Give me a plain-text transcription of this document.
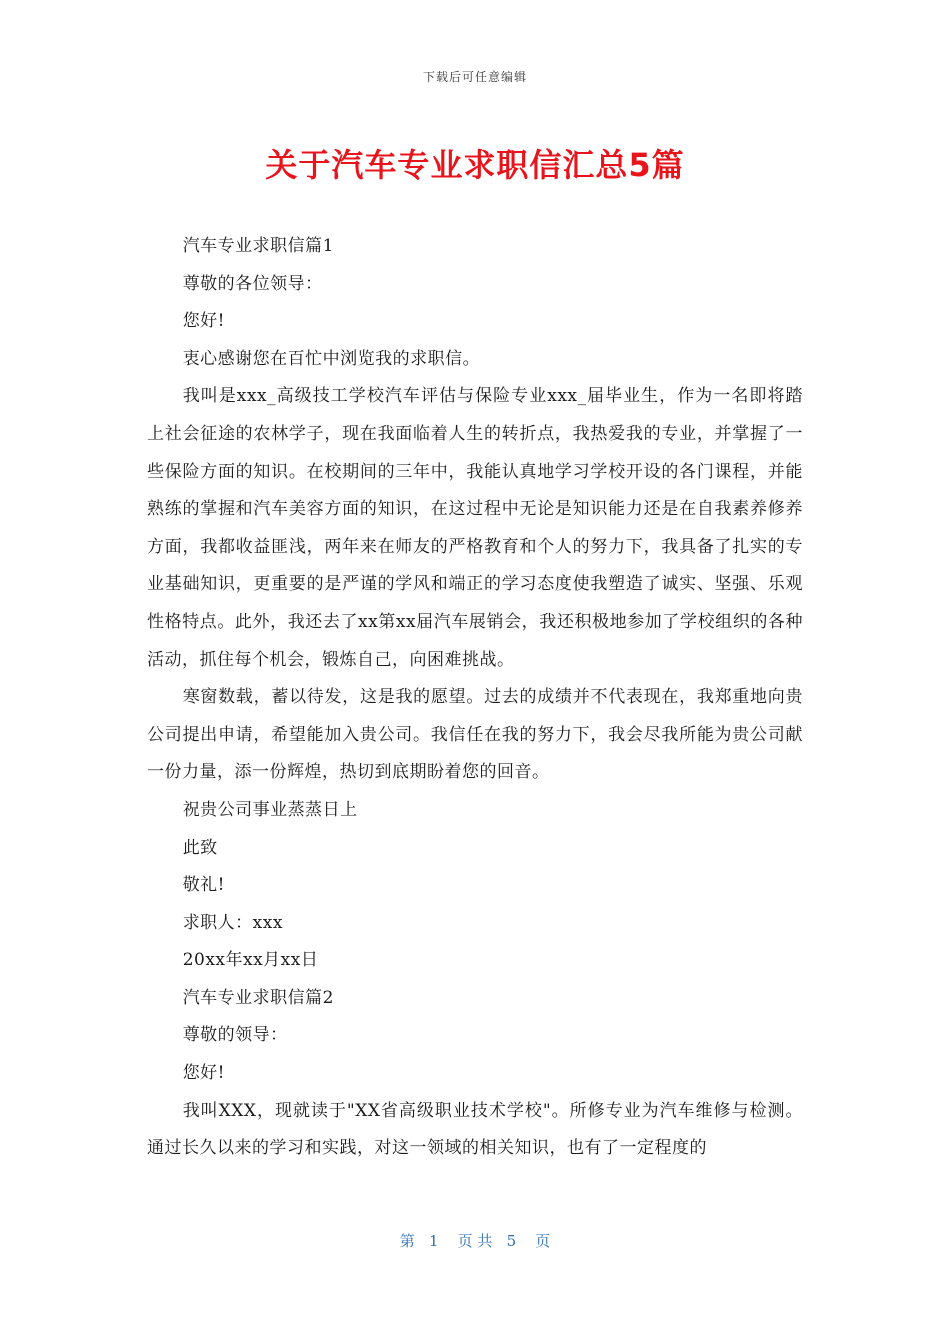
下载后可任意编辑
关于汽车专业求职信汇总5篇

汽车专业求职信篇1

尊敬的各位领导：

您好!

衷心感谢您在百忙中浏览我的求职信。

我叫是xxx_高级技工学校汽车评估与保险专业xxx_届毕业生，作为一名即将踏上社会征途的农林学子，现在我面临着人生的转折点，我热爱我的专业，并掌握了一些保险方面的知识。在校期间的三年中，我能认真地学习学校开设的各门课程，并能熟练的掌握和汽车美容方面的知识，在这过程中无论是知识能力还是在自我素养修养方面，我都收益匪浅，两年来在师友的严格教育和个人的努力下，我具备了扎实的专业基础知识，更重要的是严谨的学风和端正的学习态度使我塑造了诚实、坚强、乐观性格特点。此外，我还去了xx第xx届汽车展销会，我还积极地参加了学校组织的各种活动，抓住每个机会，锻炼自己，向困难挑战。

寒窗数载，蓄以待发，这是我的愿望。过去的成绩并不代表现在，我郑重地向贵公司提出申请，希望能加入贵公司。我信任在我的努力下，我会尽我所能为贵公司献一份力量，添一份辉煌，热切到底期盼着您的回音。

祝贵公司事业蒸蒸日上

此致

敬礼!

求职人：xxx

20xx年xx月xx日

汽车专业求职信篇2

尊敬的领导：

您好!

我叫XXX，现就读于"XX省高级职业技术学校"。所修专业为汽车维修与检测。通过长久以来的学习和实践，对这一领域的相关知识，也有了一定程度的

第   1    页 共   5    页
